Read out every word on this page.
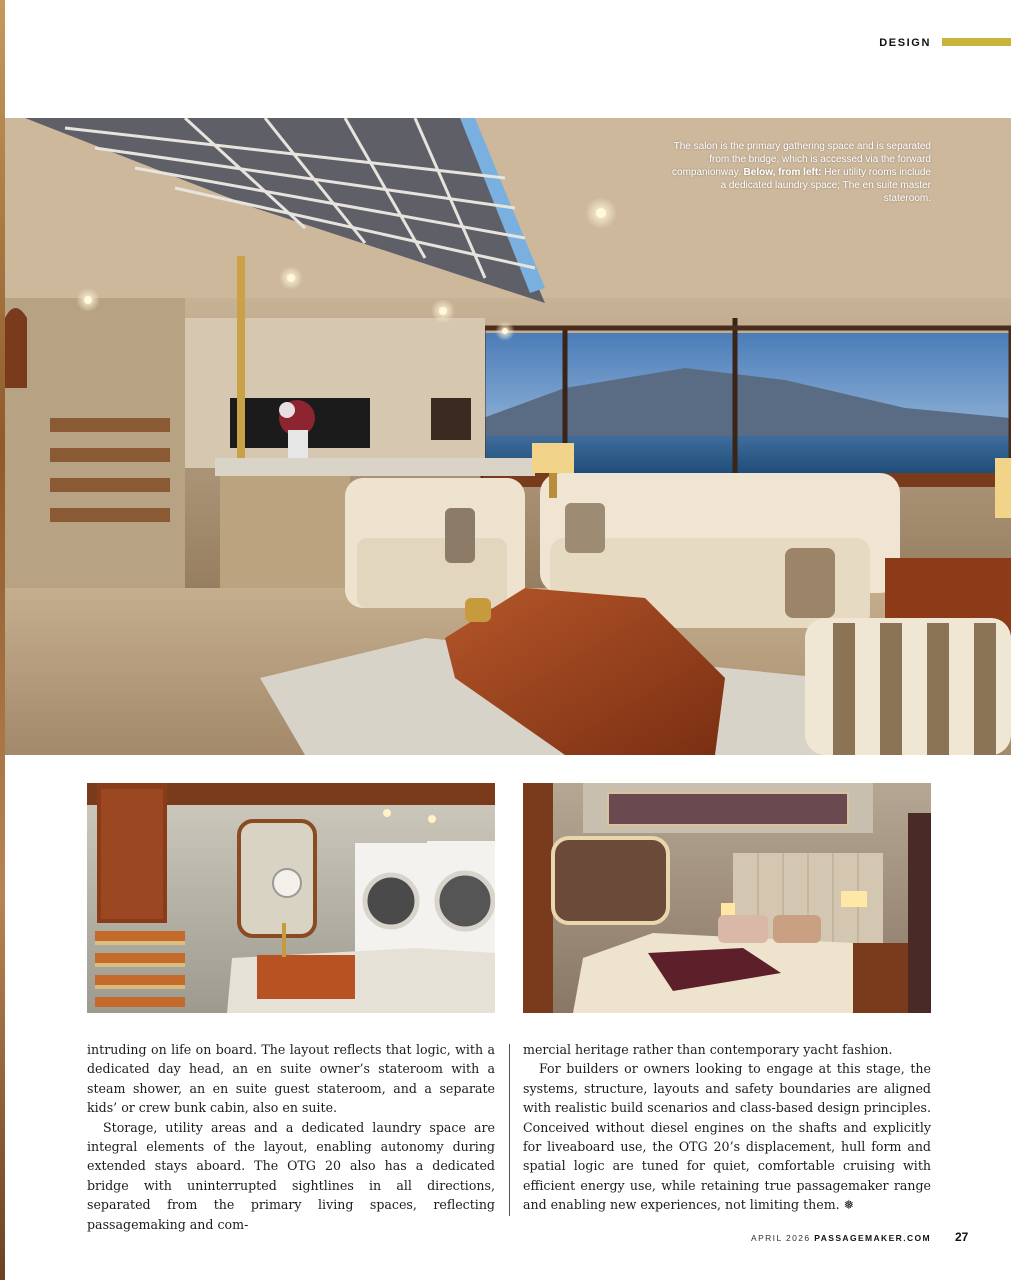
DESIGN
The salon is the primary gathering space and is separated from the bridge, which is accessed via the forward companionway. Below, from left: Her utility rooms include a dedicated laundry space; The en suite master stateroom.

intruding on life on board. The layout reflects that logic, with a dedicated day head, an en suite owner’s stateroom with a steam shower, an en suite guest stateroom, and a separate kids’ or crew bunk cabin, also en suite.

Storage, utility areas and a dedicated laundry space are integral elements of the layout, enabling autonomy during extended stays aboard. The OTG 20 also has a dedicated bridge with uninterrupted sightlines in all directions, separated from the primary living spaces, reflecting passagemaking and com-

mercial heritage rather than contemporary yacht fashion.

For builders or owners looking to engage at this stage, the systems, structure, layouts and safety boundaries are aligned with realistic build scenarios and class-based design principles. Conceived without diesel engines on the shafts and explicitly for liveaboard use, the OTG 20’s displacement, hull form and spatial logic are tuned for quiet, comfortable cruising with efficient energy use, while retaining true passagemaker range and enabling new experiences, not limiting them. ❅

APRIL 2026 PASSAGEMAKER.COM 27
